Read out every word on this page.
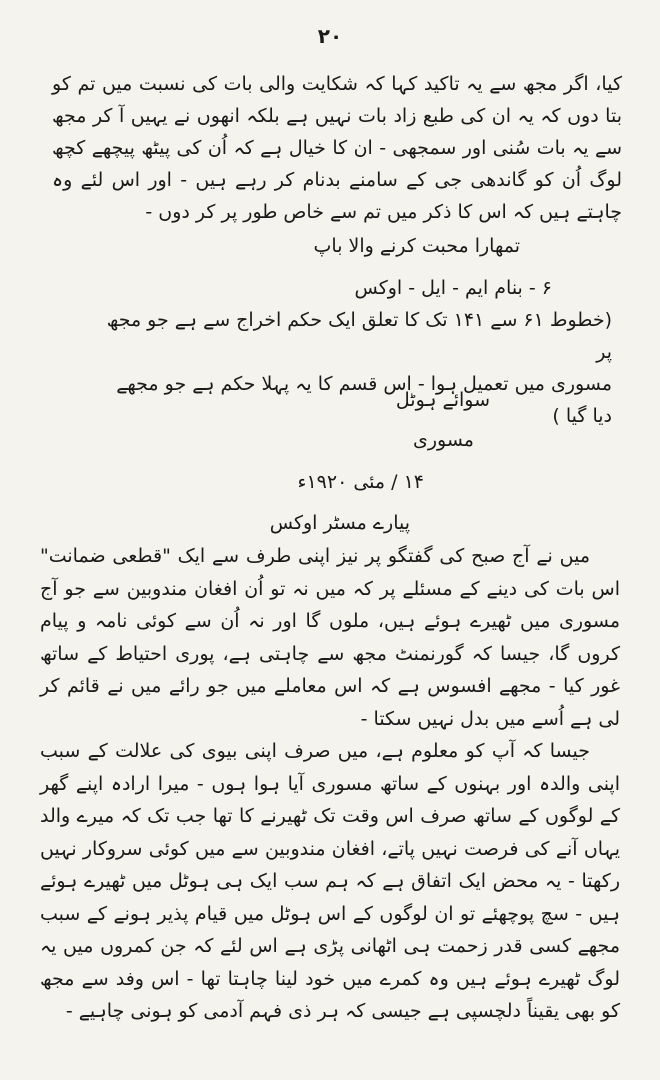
۲۰

کیا، اگر مجھ سے یہ تاکید کہا کہ شکایت والی بات کی نسبت میں تم کو بتا دوں کہ یہ ان کی طبع زاد بات نہیں ہے بلکہ انھوں نے یہیں آ کر مجھ سے یہ بات سُنی اور سمجھی - ان کا خیال ہے کہ اُن کی پیٹھ پیچھے کچھ لوگ اُن کو گاندھی جی کے سامنے بدنام کر رہے ہیں - اور اس لئے وہ چاہتے ہیں کہ اس کا ذکر میں تم سے خاص طور پر کر دوں -

تمھارا محبت کرنے والا باپ
۶ - بنام ایم - ایل - اوکس
(خطوط ۶۱ سے ۱۴۱ تک کا تعلق ایک حکم اخراج سے ہے جو مجھ پر
مسوری میں تعمیل ہوا - اس قسم کا یہ پہلا حکم ہے جو مجھے دیا گیا )
سوائے ہوٹل
مسوری
۱۴ / مئی ۱۹۲۰ء
پیارے مسٹر اوکس

میں نے آج صبح کی گفتگو پر نیز اپنی طرف سے ایک "قطعی ضمانت" اس بات کی دینے کے مسئلے پر کہ میں نہ تو اُن افغان مندوبین سے جو آج مسوری میں ٹھیرے ہوئے ہیں، ملوں گا اور نہ اُن سے کوئی نامہ و پیام کروں گا، جیسا کہ گورنمنٹ مجھ سے چاہتی ہے، پوری احتیاط کے ساتھ غور کیا - مجھے افسوس ہے کہ اس معاملے میں جو رائے میں نے قائم کر لی ہے اُسے میں بدل نہیں سکتا -

جیسا کہ آپ کو معلوم ہے، میں صرف اپنی بیوی کی علالت کے سبب اپنی والدہ اور بہنوں کے ساتھ مسوری آیا ہوا ہوں - میرا ارادہ اپنے گھر کے لوگوں کے ساتھ صرف اس وقت تک ٹھیرنے کا تھا جب تک کہ میرے والد یہاں آنے کی فرصت نہیں پاتے، افغان مندوبین سے میں کوئی سروکار نہیں رکھتا - یہ محض ایک اتفاق ہے کہ ہم سب ایک ہی ہوٹل میں ٹھیرے ہوئے ہیں - سچ پوچھئے تو ان لوگوں کے اس ہوٹل میں قیام پذیر ہونے کے سبب مجھے کسی قدر زحمت ہی اٹھانی پڑی ہے اس لئے کہ جن کمروں میں یہ لوگ ٹھیرے ہوئے ہیں وہ کمرے میں خود لینا چاہتا تھا - اس وفد سے مجھ کو بھی یقیناً دلچسپی ہے جیسی کہ ہر ذی فہم آدمی کو ہونی چاہیے -
